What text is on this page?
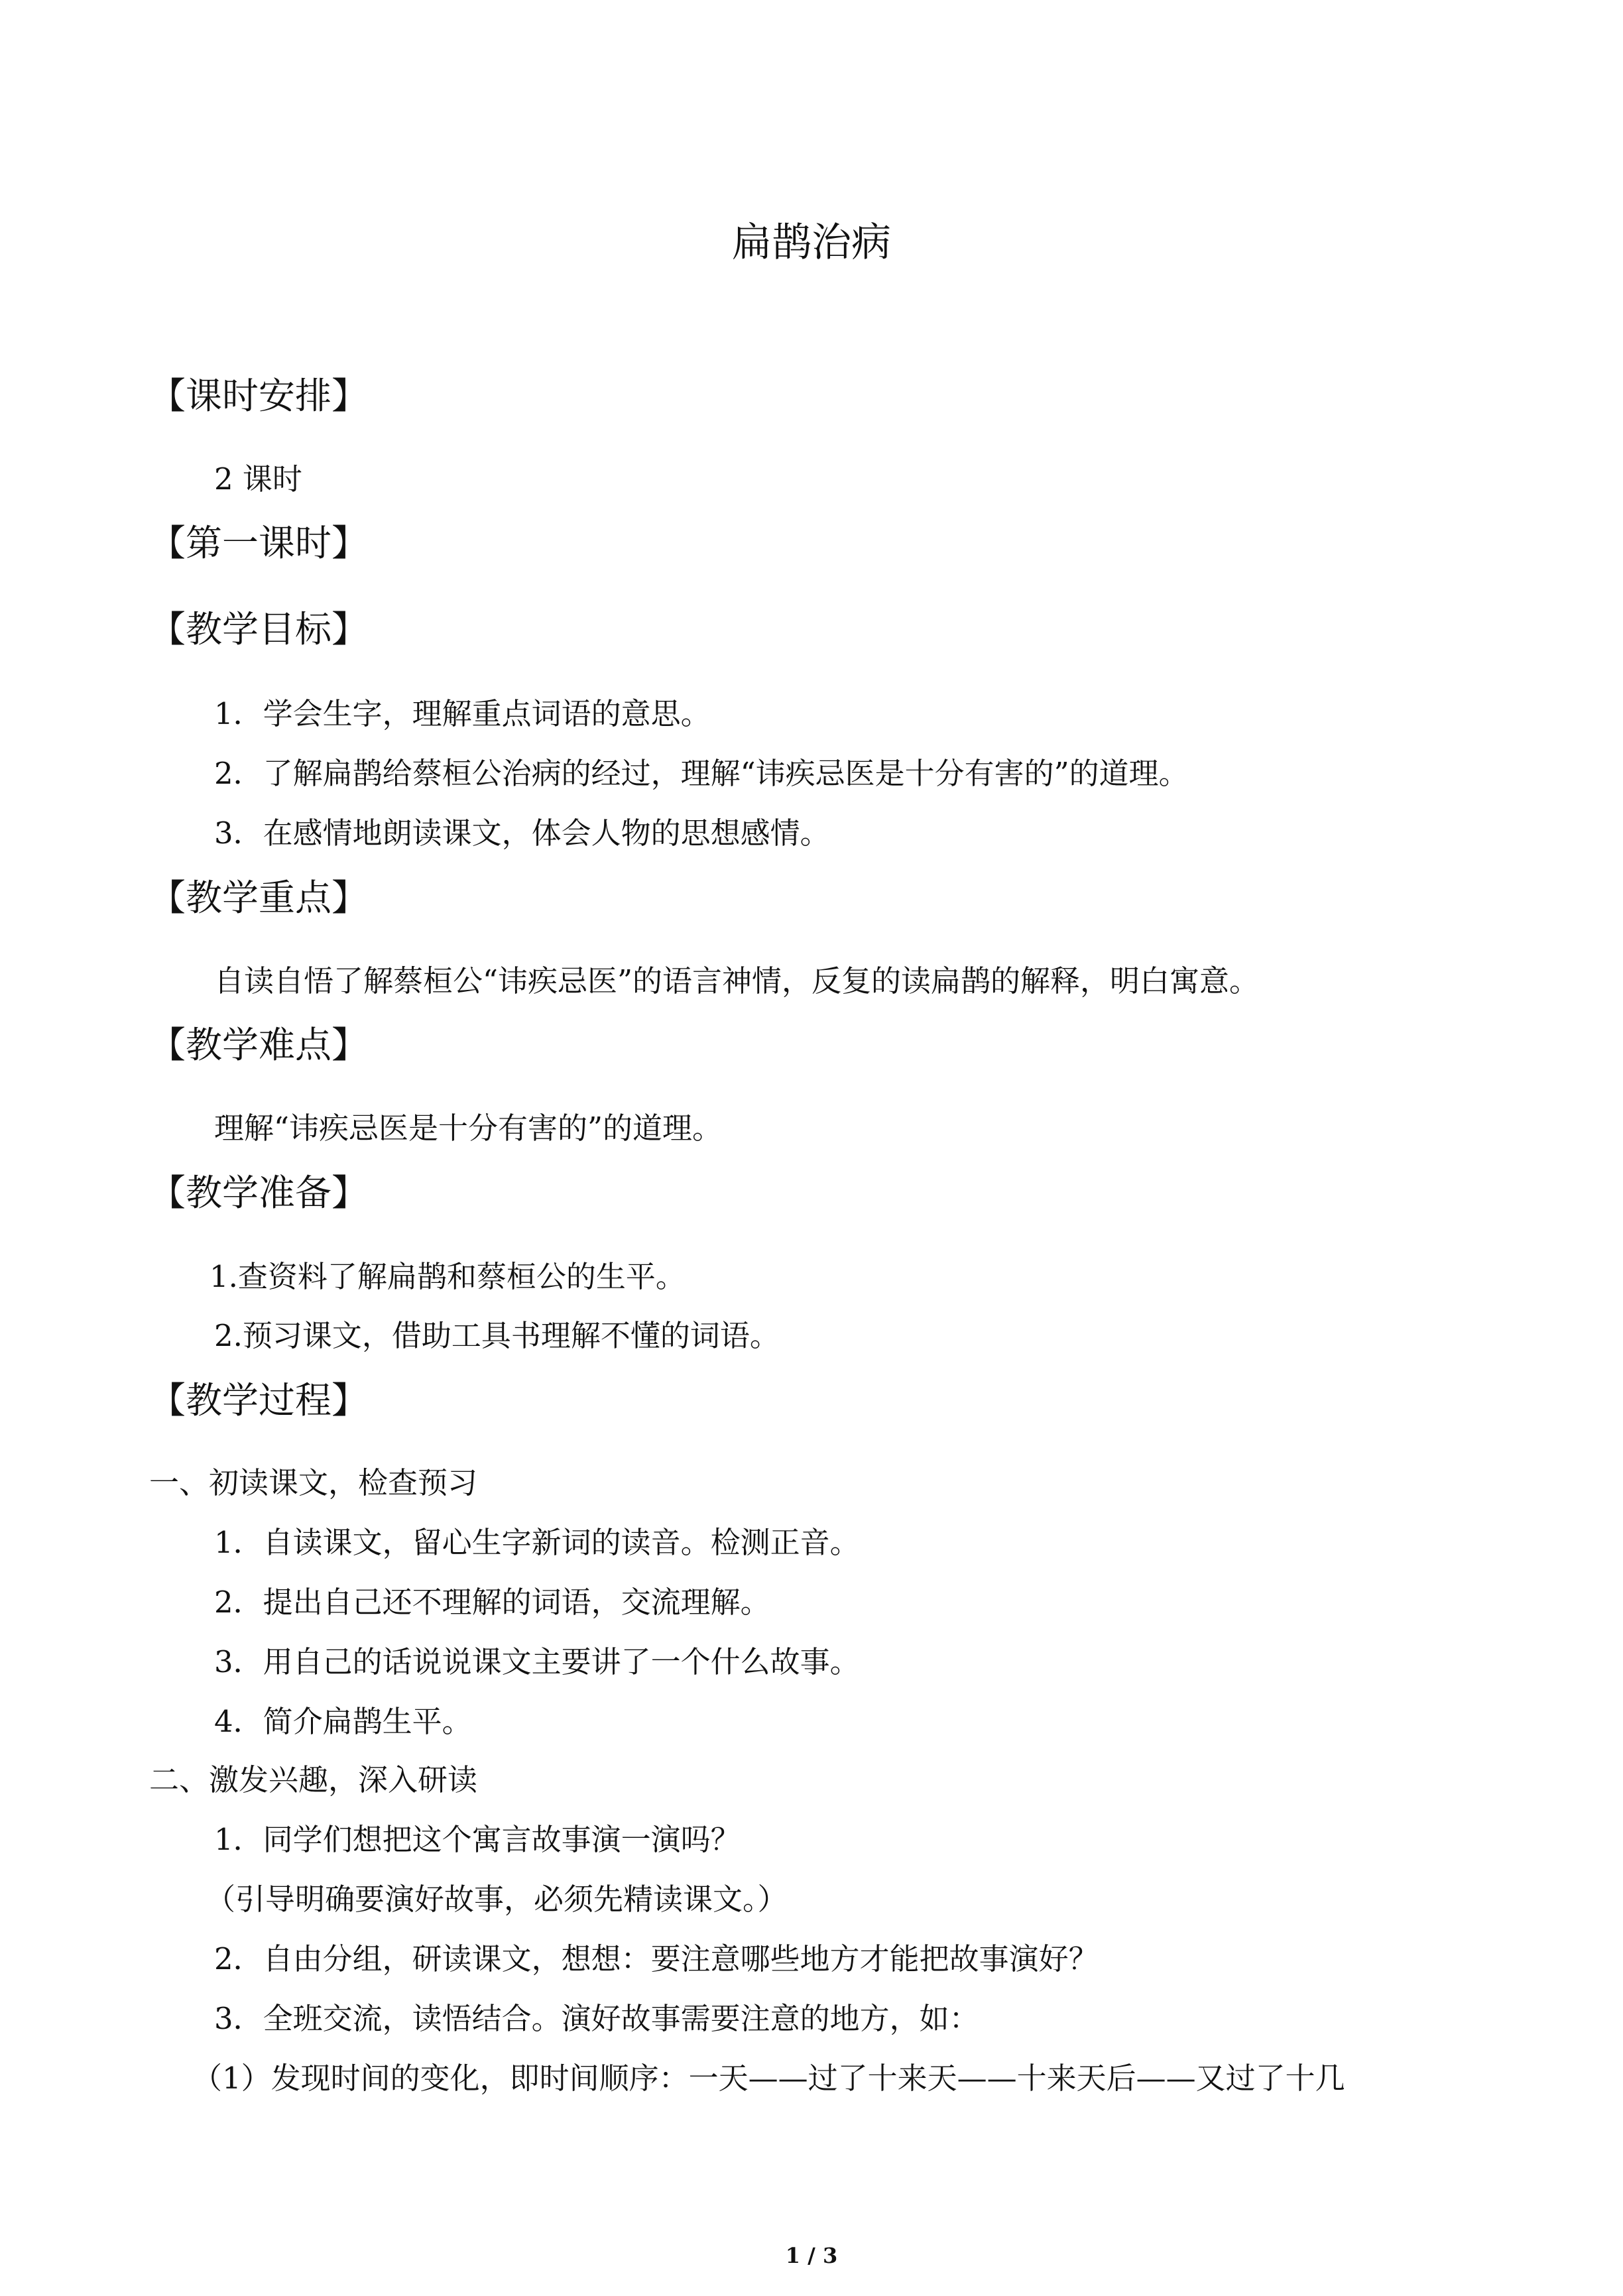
扁鹊治病

【课时安排】

2 课时

【第一课时】

【教学目标】

1．学会生字，理解重点词语的意思。

2．了解扁鹊给蔡桓公治病的经过，理解“讳疾忌医是十分有害的”的道理。

3．在感情地朗读课文，体会人物的思想感情。

【教学重点】

自读自悟了解蔡桓公“讳疾忌医”的语言神情，反复的读扁鹊的解释，明白寓意。

【教学难点】

理解“讳疾忌医是十分有害的”的道理。

【教学准备】

1.查资料了解扁鹊和蔡桓公的生平。

2.预习课文，借助工具书理解不懂的词语。

【教学过程】

一、初读课文，检查预习

1．自读课文，留心生字新词的读音。检测正音。

2．提出自己还不理解的词语，交流理解。

3．用自己的话说说课文主要讲了一个什么故事。

4．简介扁鹊生平。

二、激发兴趣，深入研读

1．同学们想把这个寓言故事演一演吗？

（引导明确要演好故事，必须先精读课文。）

2．自由分组，研读课文，想想：要注意哪些地方才能把故事演好？

3．全班交流，读悟结合。演好故事需要注意的地方，如：

（1）发现时间的变化，即时间顺序：一天——过了十来天——十来天后——又过了十几

1 / 3
